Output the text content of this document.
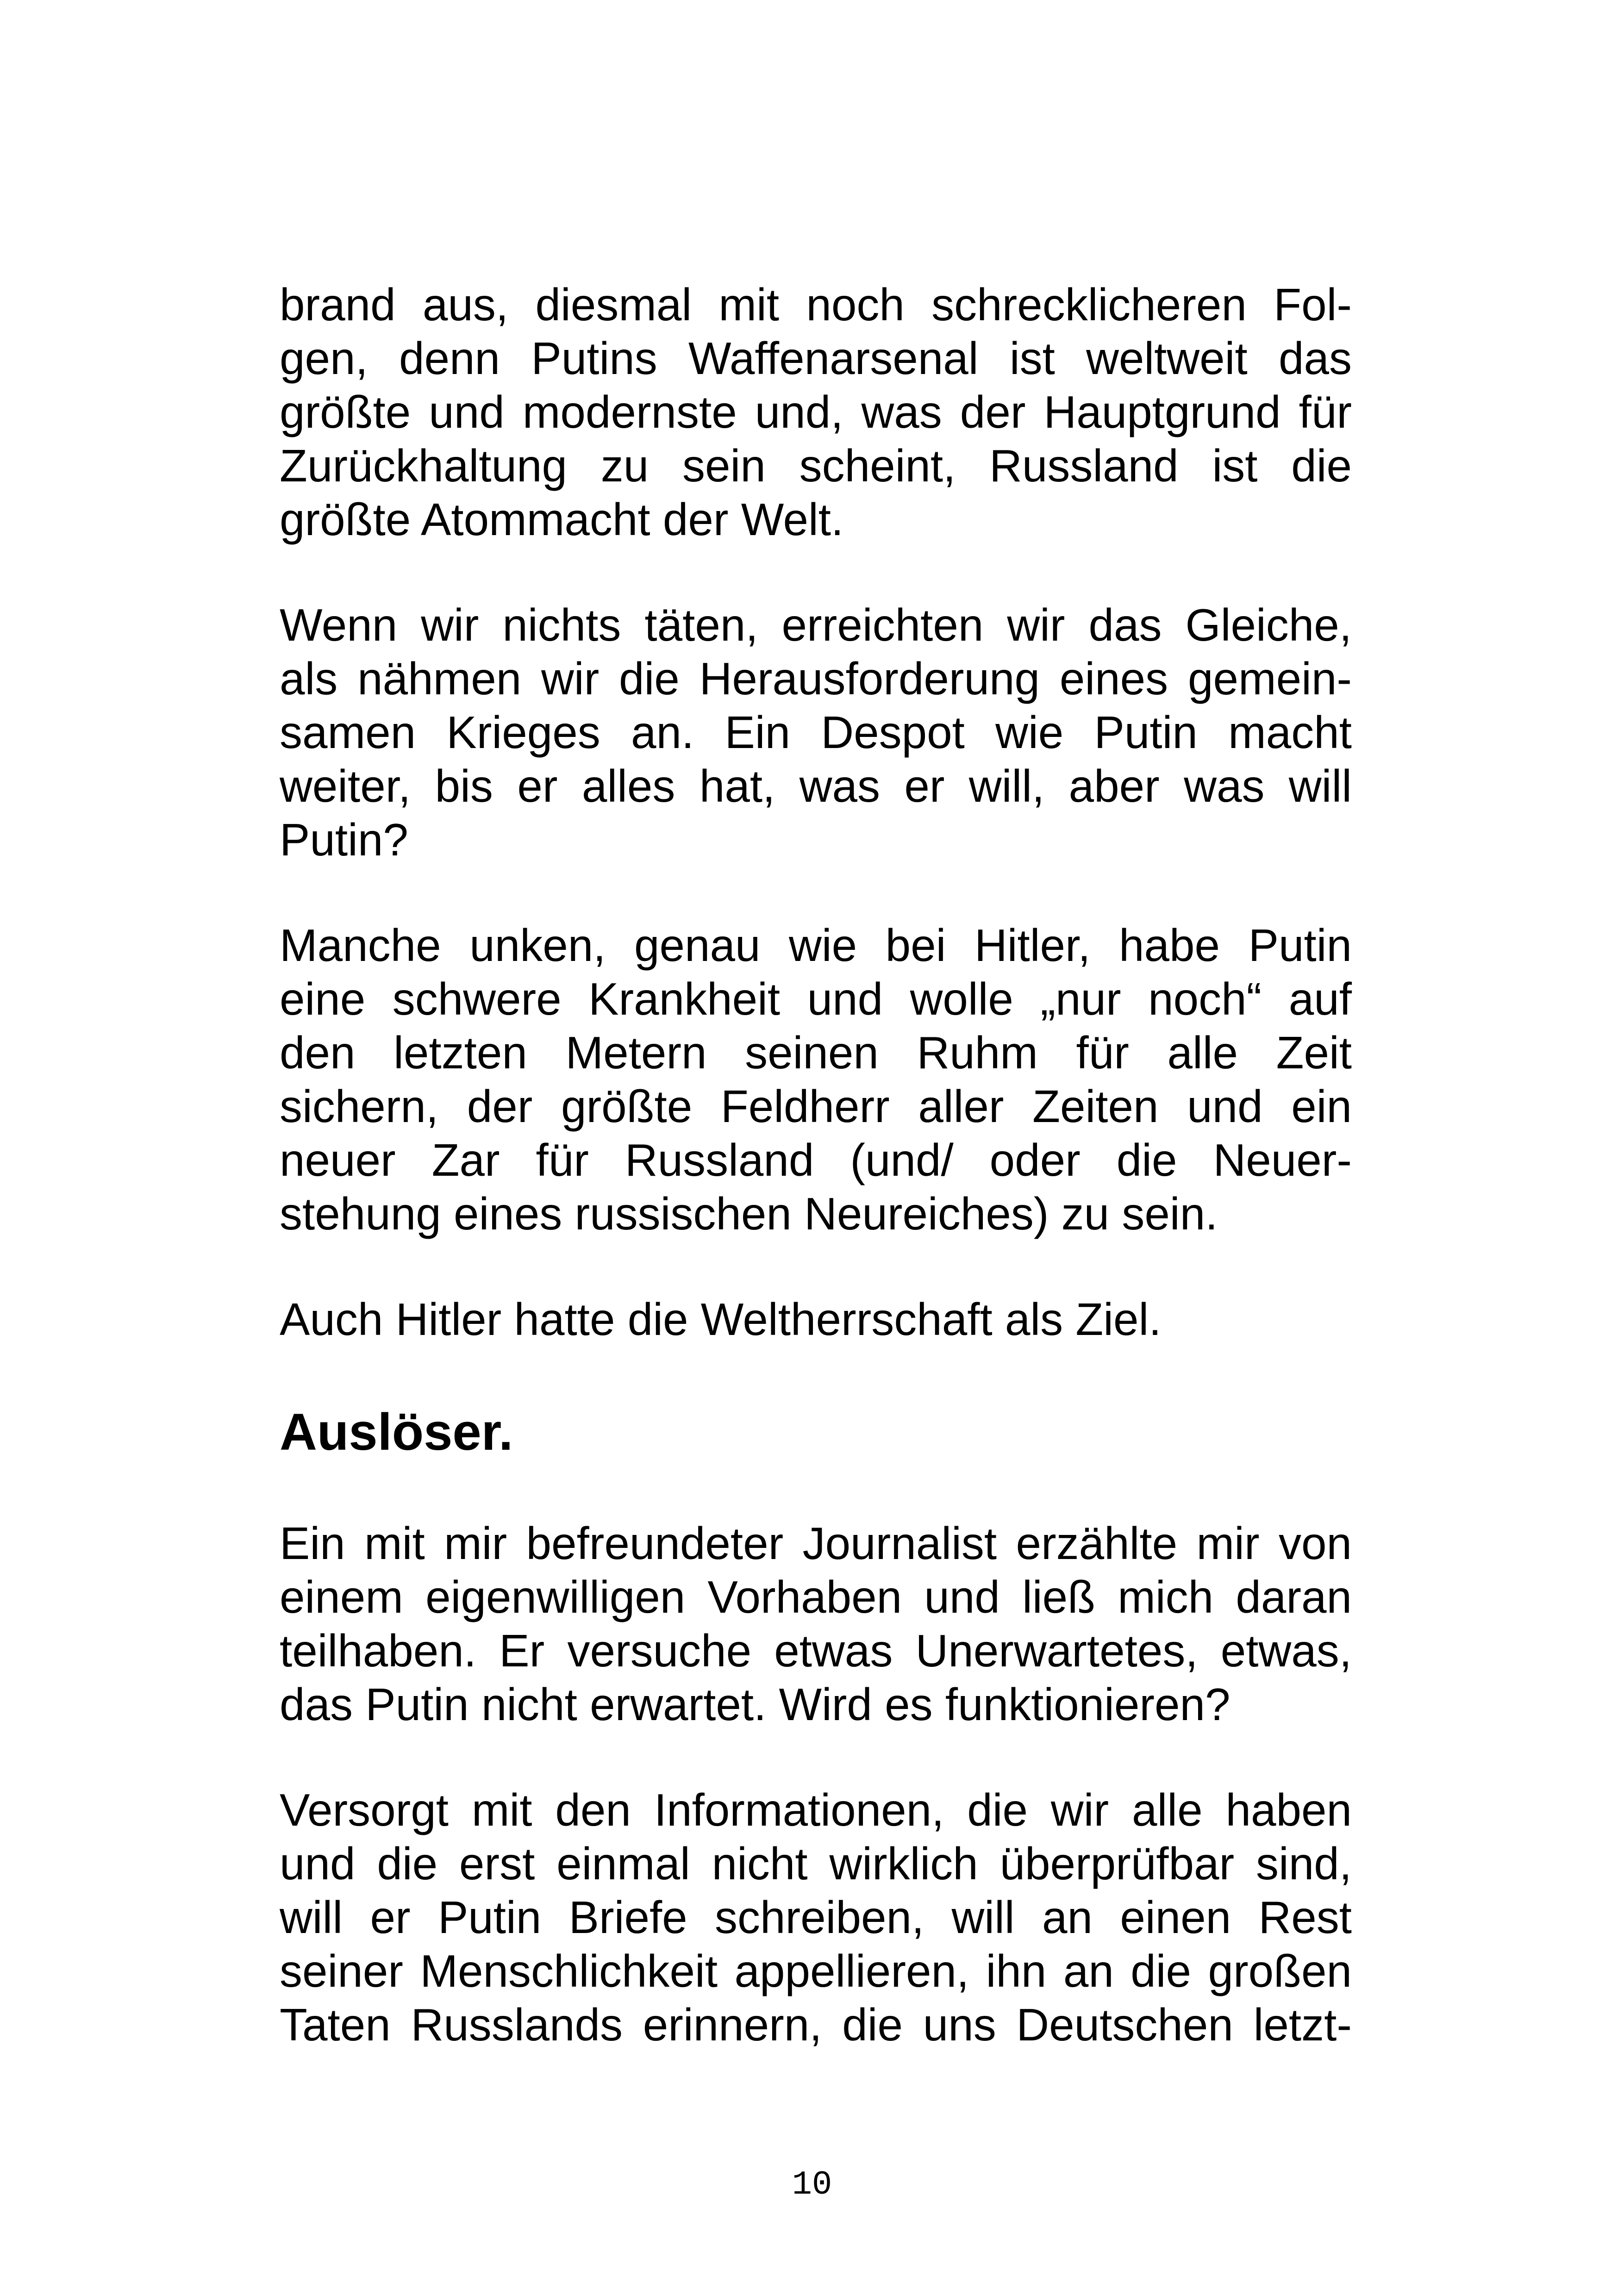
brand aus, diesmal mit noch schrecklicheren Fol-
gen, denn Putins Waffenarsenal ist weltweit das
größte und modernste und, was der Hauptgrund für
Zurückhaltung zu sein scheint, Russland ist die
größte Atommacht der Welt.
Wenn wir nichts täten, erreichten wir das Gleiche,
als nähmen wir die Herausforderung eines gemein-
samen Krieges an. Ein Despot wie Putin macht
weiter, bis er alles hat, was er will, aber was will
Putin?
Manche unken, genau wie bei Hitler, habe Putin
eine schwere Krankheit und wolle „nur noch“ auf
den letzten Metern seinen Ruhm für alle Zeit
sichern, der größte Feldherr aller Zeiten und ein
neuer Zar für Russland (und/ oder die Neuer-
stehung eines russischen Neureiches) zu sein.
Auch Hitler hatte die Weltherrschaft als Ziel.
Auslöser.
Ein mit mir befreundeter Journalist erzählte mir von
einem eigenwilligen Vorhaben und ließ mich daran
teilhaben. Er versuche etwas Unerwartetes, etwas,
das Putin nicht erwartet. Wird es funktionieren?
Versorgt mit den Informationen, die wir alle haben
und die erst einmal nicht wirklich überprüfbar sind,
will er Putin Briefe schreiben, will an einen Rest
seiner Menschlichkeit appellieren, ihn an die großen
Taten Russlands erinnern, die uns Deutschen letzt-
10
